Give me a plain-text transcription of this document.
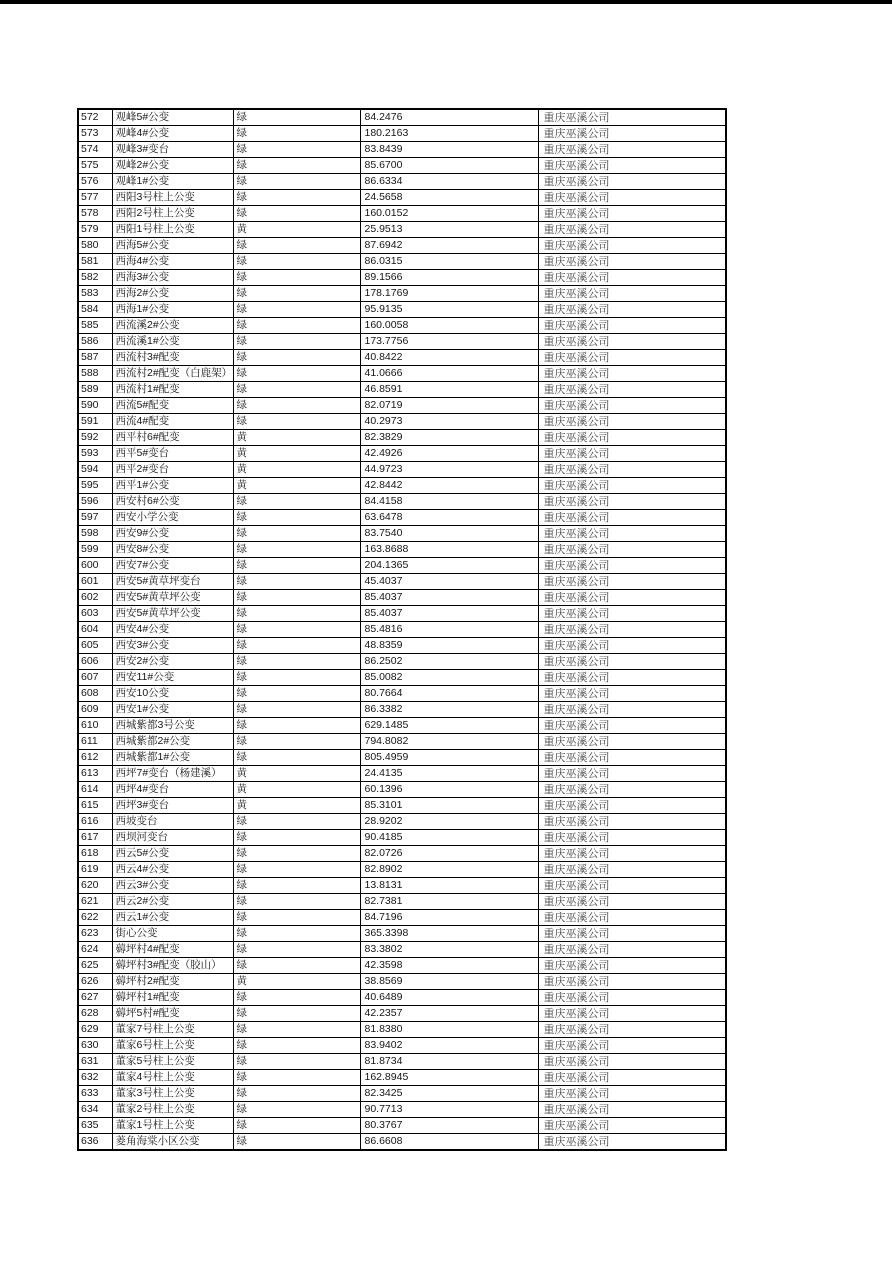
572	观峰5#公变	绿	84.2476	重庆巫溪公司
573	观峰4#公变	绿	180.2163	重庆巫溪公司
574	观峰3#变台	绿	83.8439	重庆巫溪公司
575	观峰2#公变	绿	85.6700	重庆巫溪公司
576	观峰1#公变	绿	86.6334	重庆巫溪公司
577	西阳3号柱上公变	绿	24.5658	重庆巫溪公司
578	西阳2号柱上公变	绿	160.0152	重庆巫溪公司
579	西阳1号柱上公变	黄	25.9513	重庆巫溪公司
580	西海5#公变	绿	87.6942	重庆巫溪公司
581	西海4#公变	绿	86.0315	重庆巫溪公司
582	西海3#公变	绿	89.1566	重庆巫溪公司
583	西海2#公变	绿	178.1769	重庆巫溪公司
584	西海1#公变	绿	95.9135	重庆巫溪公司
585	西流溪2#公变	绿	160.0058	重庆巫溪公司
586	西流溪1#公变	绿	173.7756	重庆巫溪公司
587	西流村3#配变	绿	40.8422	重庆巫溪公司
588	西流村2#配变（白鹿架）	绿	41.0666	重庆巫溪公司
589	西流村1#配变	绿	46.8591	重庆巫溪公司
590	西流5#配变	绿	82.0719	重庆巫溪公司
591	西流4#配变	绿	40.2973	重庆巫溪公司
592	西平村6#配变	黄	82.3829	重庆巫溪公司
593	西平5#变台	黄	42.4926	重庆巫溪公司
594	西平2#变台	黄	44.9723	重庆巫溪公司
595	西平1#公变	黄	42.8442	重庆巫溪公司
596	西安村6#公变	绿	84.4158	重庆巫溪公司
597	西安小学公变	绿	63.6478	重庆巫溪公司
598	西安9#公变	绿	83.7540	重庆巫溪公司
599	西安8#公变	绿	163.8688	重庆巫溪公司
600	西安7#公变	绿	204.1365	重庆巫溪公司
601	西安5#黄草坪变台	绿	45.4037	重庆巫溪公司
602	西安5#黄草坪公变	绿	85.4037	重庆巫溪公司
603	西安5#黄草坪公变	绿	85.4037	重庆巫溪公司
604	西安4#公变	绿	85.4816	重庆巫溪公司
605	西安3#公变	绿	48.8359	重庆巫溪公司
606	西安2#公变	绿	86.2502	重庆巫溪公司
607	西安11#公变	绿	85.0082	重庆巫溪公司
608	西安10公变	绿	80.7664	重庆巫溪公司
609	西安1#公变	绿	86.3382	重庆巫溪公司
610	西城紫都3号公变	绿	629.1485	重庆巫溪公司
611	西城紫都2#公变	绿	794.8082	重庆巫溪公司
612	西城紫都1#公变	绿	805.4959	重庆巫溪公司
613	西坪7#变台（杨建溪）	黄	24.4135	重庆巫溪公司
614	西坪4#变台	黄	60.1396	重庆巫溪公司
615	西坪3#变台	黄	85.3101	重庆巫溪公司
616	西坡变台	绿	28.9202	重庆巫溪公司
617	西坝河变台	绿	90.4185	重庆巫溪公司
618	西云5#公变	绿	82.0726	重庆巫溪公司
619	西云4#公变	绿	82.8902	重庆巫溪公司
620	西云3#公变	绿	13.8131	重庆巫溪公司
621	西云2#公变	绿	82.7381	重庆巫溪公司
622	西云1#公变	绿	84.7196	重庆巫溪公司
623	街心公变	绿	365.3398	重庆巫溪公司
624	薅坪村4#配变	绿	83.3802	重庆巫溪公司
625	薅坪村3#配变（胶山）	绿	42.3598	重庆巫溪公司
626	薅坪村2#配变	黄	38.8569	重庆巫溪公司
627	薅坪村1#配变	绿	40.6489	重庆巫溪公司
628	薅坪5村#配变	绿	42.2357	重庆巫溪公司
629	董家7号柱上公变	绿	81.8380	重庆巫溪公司
630	董家6号柱上公变	绿	83.9402	重庆巫溪公司
631	董家5号柱上公变	绿	81.8734	重庆巫溪公司
632	董家4号柱上公变	绿	162.8945	重庆巫溪公司
633	董家3号柱上公变	绿	82.3425	重庆巫溪公司
634	董家2号柱上公变	绿	90.7713	重庆巫溪公司
635	董家1号柱上公变	绿	80.3767	重庆巫溪公司
636	菱角海棠小区公变	绿	86.6608	重庆巫溪公司
